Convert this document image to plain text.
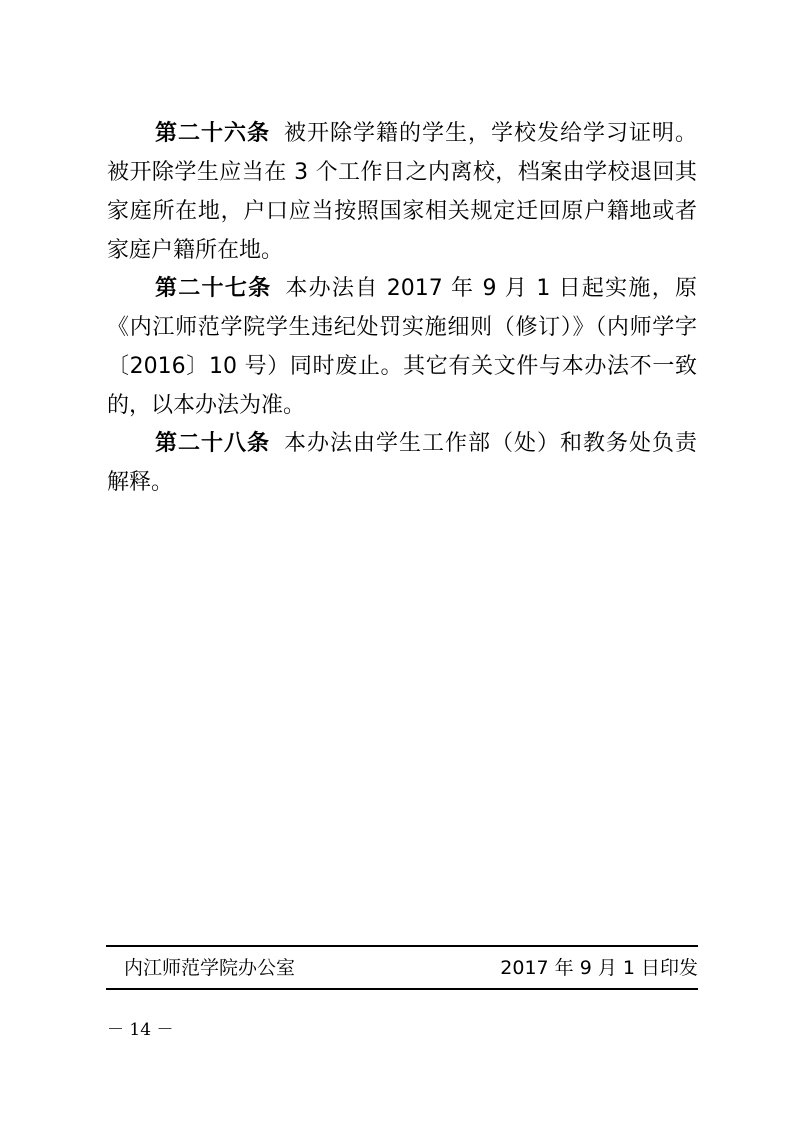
第二十六条 被开除学籍的学生，学校发给学习证明。被开除学生应当在 3 个工作日之内离校，档案由学校退回其家庭所在地，户口应当按照国家相关规定迁回原户籍地或者家庭户籍所在地。

第二十七条 本办法自 2017 年 9 月 1 日起实施，原《内江师范学院学生违纪处罚实施细则（修订）》（内师学字〔2016〕10 号）同时废止。其它有关文件与本办法不一致的，以本办法为准。

第二十八条 本办法由学生工作部（处）和教务处负责解释。

内江师范学院办公室	2017 年 9 月 1 日印发
－ 14 －
